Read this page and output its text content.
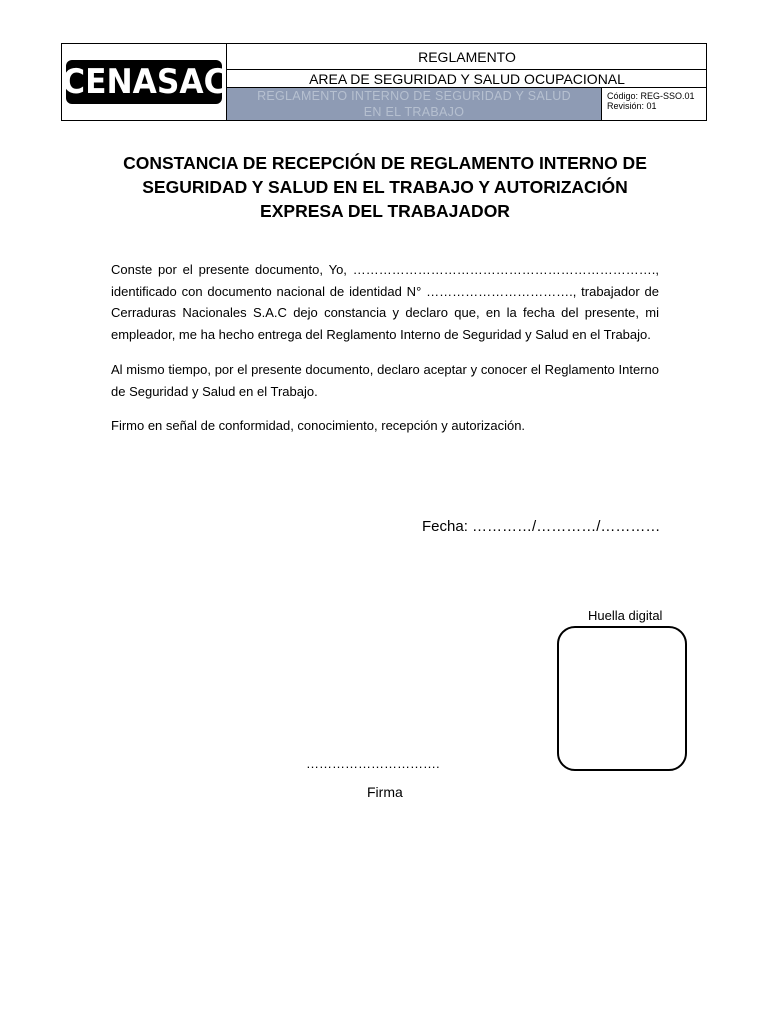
CENASAC
REGLAMENTO
AREA DE SEGURIDAD Y SALUD OCUPACIONAL
REGLAMENTO INTERNO DE SEGURIDAD Y SALUD
EN EL TRABAJO
Código: REG-SSO.01
Revisión: 01
CONSTANCIA DE RECEPCIÓN DE REGLAMENTO INTERNO DE
SEGURIDAD Y SALUD EN EL TRABAJO Y AUTORIZACIÓN
EXPRESA DEL TRABAJADOR
Conste por el presente documento, Yo, ……………………………………………………………., identificado con documento nacional de identidad N° ……………………………., trabajador de Cerraduras Nacionales S.A.C dejo constancia y declaro que, en la fecha del presente, mi empleador, me ha hecho entrega del Reglamento Interno de Seguridad y Salud en el Trabajo.
Al mismo tiempo, por el presente documento, declaro aceptar y conocer el Reglamento Interno de Seguridad y Salud en el Trabajo.
Firmo en señal de conformidad, conocimiento, recepción y autorización.
Fecha: …………/…………/…………
Huella digital
………………………….
Firma
